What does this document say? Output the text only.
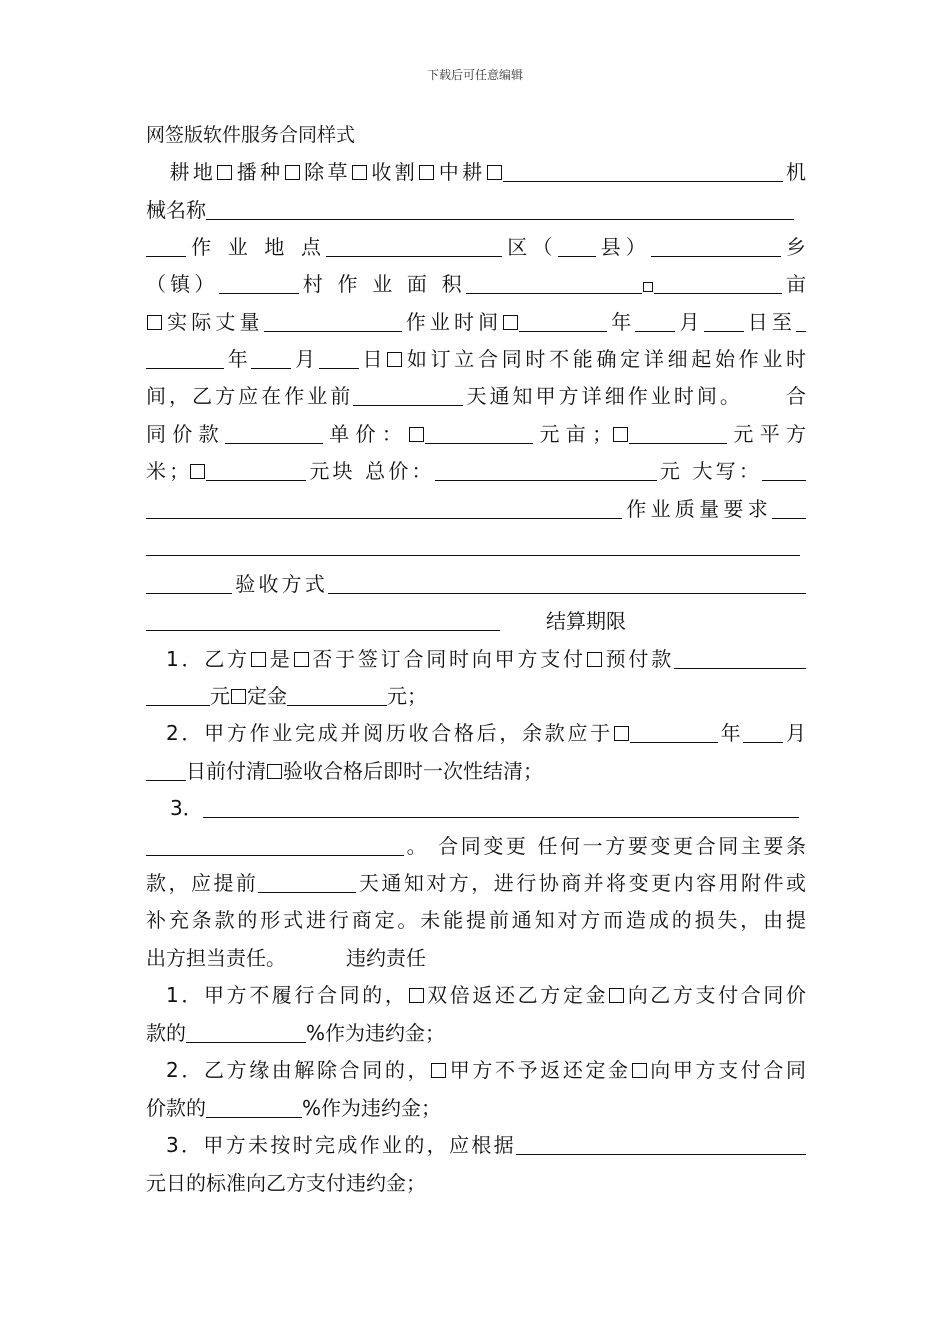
下载后可任意编辑
网签版软件服务合同样式
耕地 播种 除草 收割 中耕	机
械名称
作 业 地 点	区（ 县）	乡
（镇）	村 作 业 面 积	亩
实际丈量	作业时间	年 月 日至
年 月 日 如订立合同时不能确定详细起始作业时
间，乙方应在作业前	天通知甲方详细作业时间。 合
同价款	单价：	元亩；	元平方
米；	元块 总价：	元 大写：
作业质量要求
验收方式
结算期限
1．乙方 是 否于签订合同时向甲方支付 预付款
元 定金	元；
2．甲方作业完成并阅历收合格后，余款应于	年 月
日前付清 验收合格后即时一次性结清；
3．
。 合同变更 任何一方要变更合同主要条
款，应提前	天通知对方，进行协商并将变更内容用附件或
补充条款的形式进行商定。未能提前通知对方而造成的损失，由提
出方担当责任。	违约责任
1．甲方不履行合同的， 双倍返还乙方定金 向乙方支付合同价
款的	%作为违约金；
2．乙方缘由解除合同的， 甲方不予返还定金 向甲方支付合同
价款的	%作为违约金；
3．甲方未按时完成作业的，应根据
元日的标准向乙方支付违约金；
